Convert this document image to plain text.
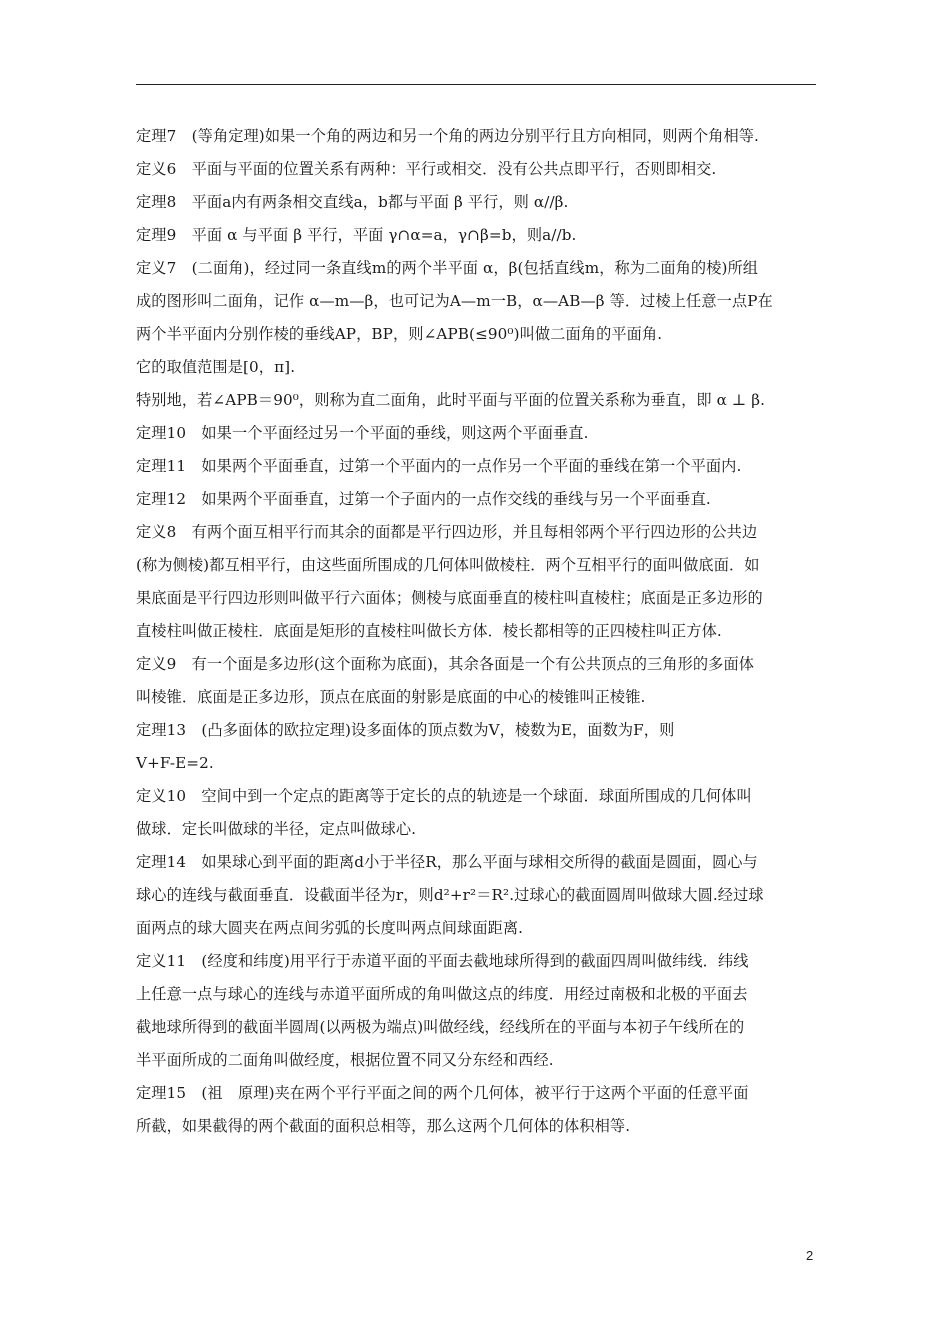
定理7　(等角定理)如果一个角的两边和另一个角的两边分别平行且方向相同，则两个角相等.
定义6　平面与平面的位置关系有两种：平行或相交．没有公共点即平行，否则即相交.
定理8　平面a内有两条相交直线a，b都与平面 β 平行，则 α//β.
定理9　平面 α 与平面 β 平行，平面 γ∩α=a，γ∩β=b，则a//b.
定义7　(二面角)，经过同一条直线m的两个半平面 α，β(包括直线m，称为二面角的棱)所组
成的图形叫二面角，记作 α—m—β，也可记为A—m一B，α—AB—β 等．过棱上任意一点P在
两个半平面内分别作棱的垂线AP，BP，则∠APB(≤90⁰)叫做二面角的平面角.
它的取值范围是[0，π].
特别地，若∠APB＝90⁰，则称为直二面角，此时平面与平面的位置关系称为垂直，即 α ⊥ β.
定理10　如果一个平面经过另一个平面的垂线，则这两个平面垂直.
定理11　如果两个平面垂直，过第一个平面内的一点作另一个平面的垂线在第一个平面内.
定理12　如果两个平面垂直，过第一个子面内的一点作交线的垂线与另一个平面垂直.
定义8　有两个面互相平行而其余的面都是平行四边形，并且每相邻两个平行四边形的公共边
(称为侧棱)都互相平行，由这些面所围成的几何体叫做棱柱．两个互相平行的面叫做底面．如
果底面是平行四边形则叫做平行六面体；侧棱与底面垂直的棱柱叫直棱柱；底面是正多边形的
直棱柱叫做正棱柱．底面是矩形的直棱柱叫做长方体．棱长都相等的正四棱柱叫正方体.
定义9　有一个面是多边形(这个面称为底面)，其余各面是一个有公共顶点的三角形的多面体
叫棱锥．底面是正多边形，顶点在底面的射影是底面的中心的棱锥叫正棱锥.
定理13　(凸多面体的欧拉定理)设多面体的顶点数为V，棱数为E，面数为F，则
V+F-E=2.
定义10　空间中到一个定点的距离等于定长的点的轨迹是一个球面．球面所围成的几何体叫
做球．定长叫做球的半径，定点叫做球心.
定理14　如果球心到平面的距离d小于半径R，那么平面与球相交所得的截面是圆面，圆心与
球心的连线与截面垂直．设截面半径为r，则d²+r²＝R².过球心的截面圆周叫做球大圆.经过球
面两点的球大圆夹在两点间劣弧的长度叫两点间球面距离.
定义11　(经度和纬度)用平行于赤道平面的平面去截地球所得到的截面四周叫做纬线．纬线
上任意一点与球心的连线与赤道平面所成的角叫做这点的纬度．用经过南极和北极的平面去
截地球所得到的截面半圆周(以两极为端点)叫做经线，经线所在的平面与本初子午线所在的
半平面所成的二面角叫做经度，根据位置不同又分东经和西经.
定理15　(祖　原理)夹在两个平行平面之间的两个几何体，被平行于这两个平面的任意平面
所截，如果截得的两个截面的面积总相等，那么这两个几何体的体积相等.
2
